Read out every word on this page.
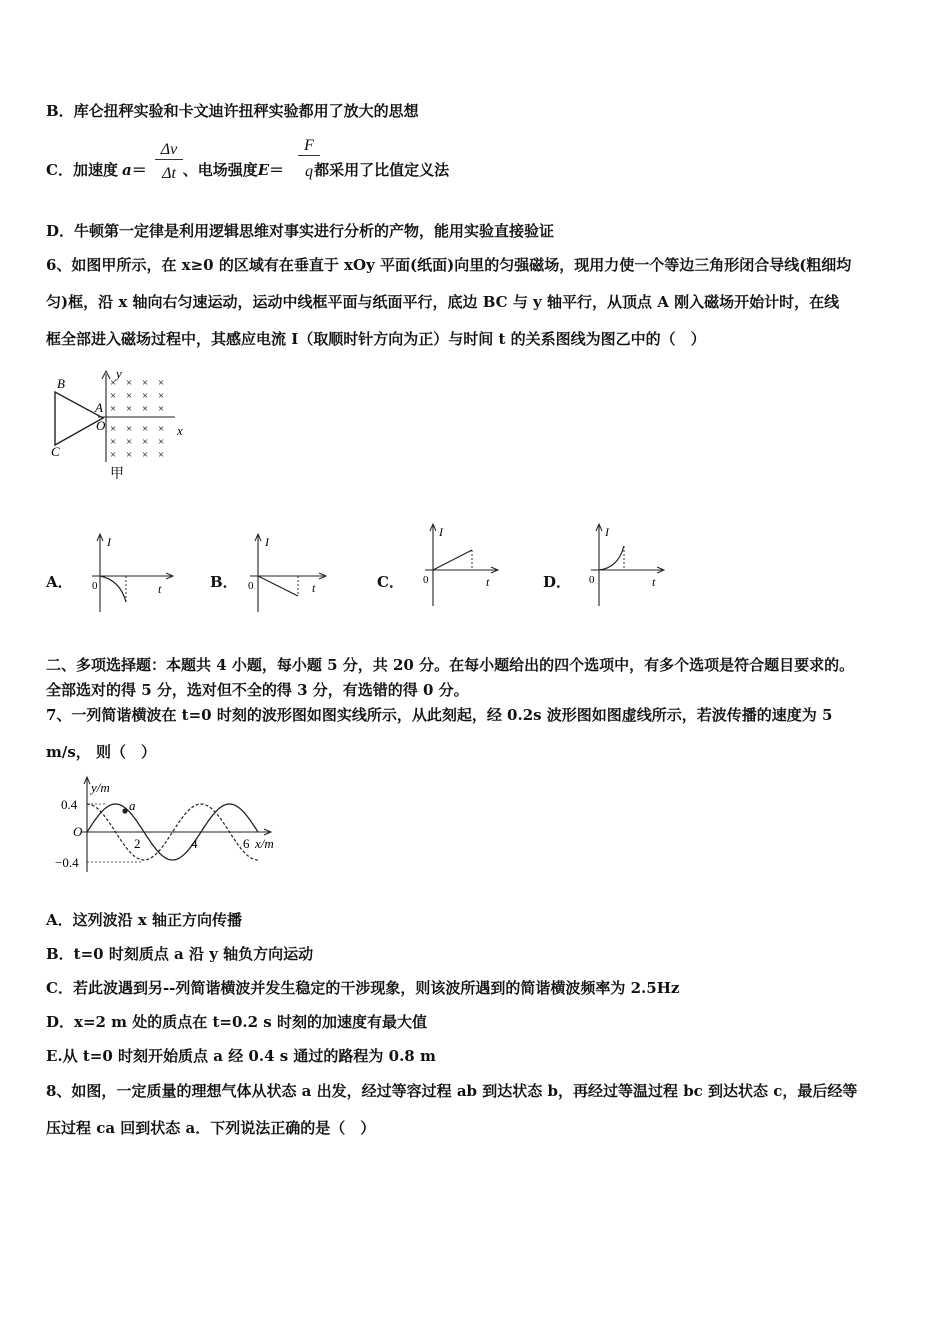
B．库仑扭秤实验和卡文迪许扭秤实验都用了放大的思想
C．加速度 a＝ 、电场强度E＝ 都采用了比值定义法
Δv
Δt
F
q
D．牛顿第一定律是利用逻辑思维对事实进行分析的产物，能用实验直接验证
6、如图甲所示，在 x≥0 的区域有在垂直于 xOy 平面(纸面)向里的匀强磁场，现用力使一个等边三角形闭合导线(粗细均
匀)框，沿 x 轴向右匀速运动，运动中线框平面与纸面平行，底边 BC 与 y 轴平行，从顶点 A 刚入磁场开始计时，在线
框全部进入磁场过程中，其感应电流 I（取顺时针方向为正）与时间 t 的关系图线为图乙中的（　）
×
×
×
×
×
×
×
×
×
×
×
×
×
×
×
×
×
×
×
×
×
×
×
×
B
A
C
O	x
y
甲
A．
I
0	t	B．
I
0	t	C．
I
0	t	D．
I
0	t
二、多项选择题：本题共 4 小题，每小题 5 分，共 20 分。在每小题给出的四个选项中，有多个选项是符合题目要求的。
全部选对的得 5 分，选对但不全的得 3 分，有选错的得 0 分。
7、一列简谐横波在 t=0 时刻的波形图如图实线所示，从此刻起，经 0.2s 波形图如图虚线所示，若波传播的速度为 5
m/s， 则（　）
y/m
0.4
−0.4
O
2	4	6 x/m
a
A．这列波沿 x 轴正方向传播
B．t=0 时刻质点 a 沿 y 轴负方向运动
C．若此波遇到另--列简谐横波并发生稳定的干涉现象，则该波所遇到的简谐横波频率为 2.5Hz
D．x=2 m 处的质点在 t=0.2 s 时刻的加速度有最大值
E.从 t=0 时刻开始质点 a 经 0.4 s 通过的路程为 0.8 m
8、如图，一定质量的理想气体从状态 a 出发，经过等容过程 ab 到达状态 b，再经过等温过程 bc 到达状态 c，最后经等
压过程 ca 回到状态 a．下列说法正确的是（　）
